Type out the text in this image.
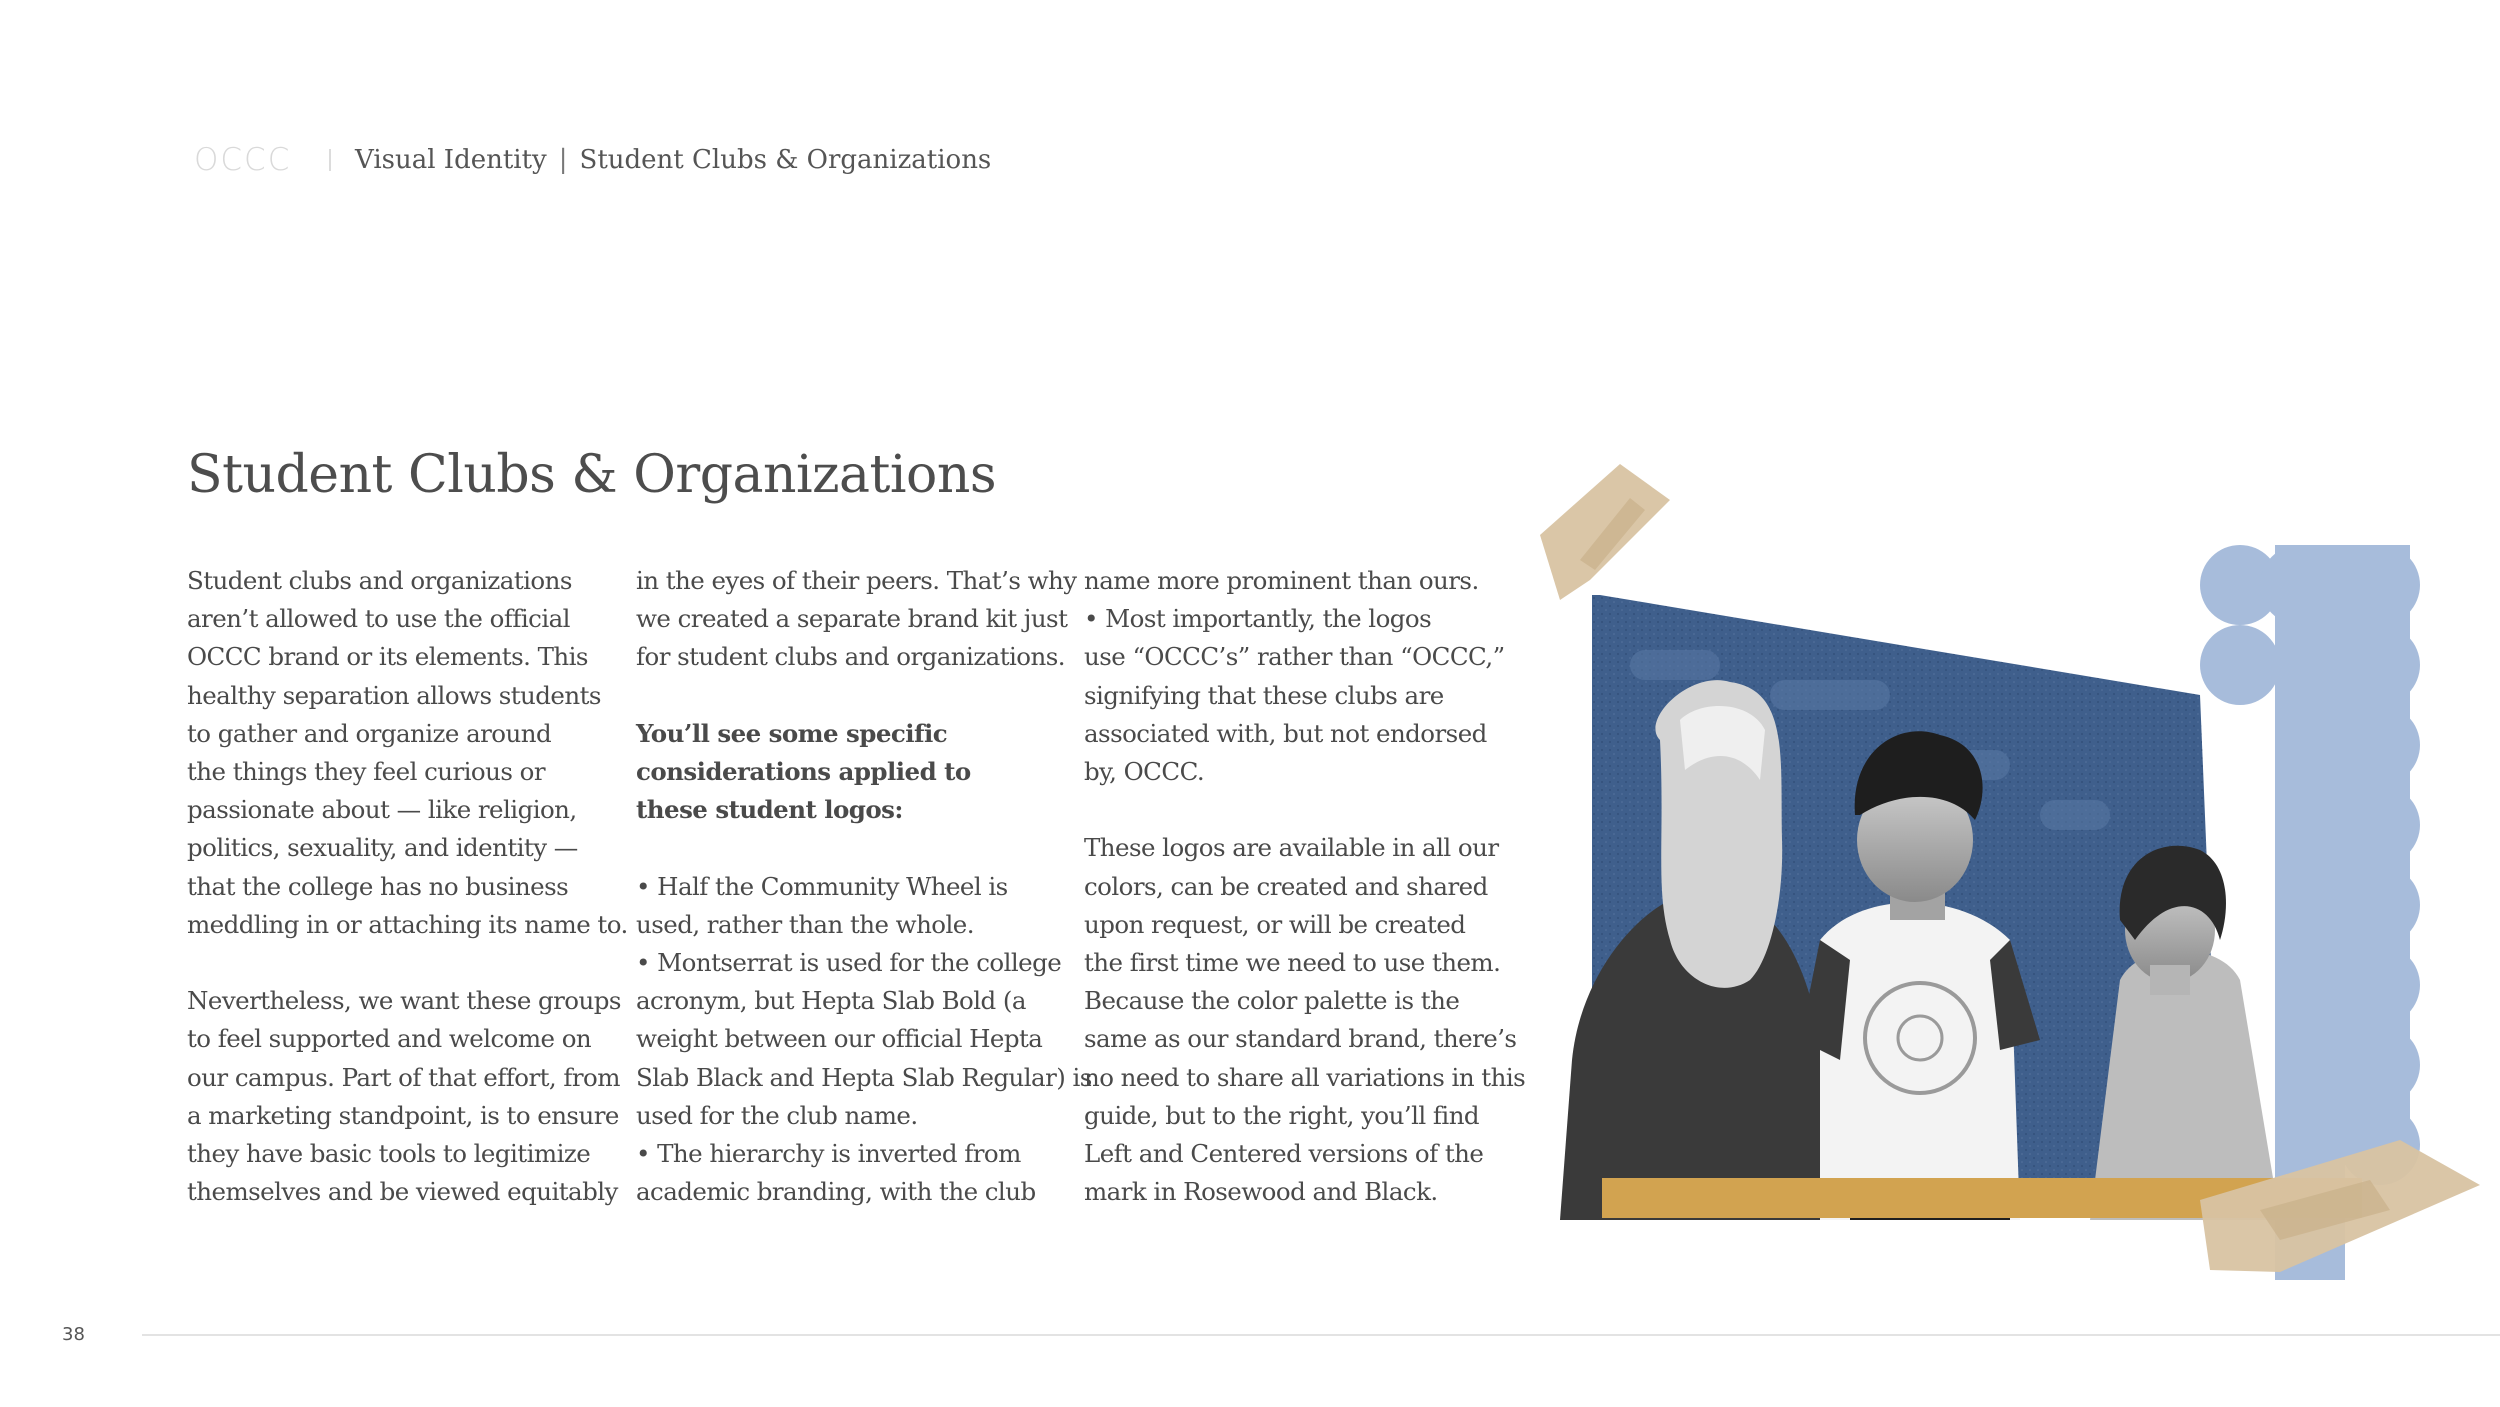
OCCC	Visual Identity | Student Clubs & Organizations
Student Clubs & Organizations

Student clubs and organizations

aren’t allowed to use the official

OCCC brand or its elements. This

healthy separation allows students

to gather and organize around

the things they feel curious or

passionate about — like religion,

politics, sexuality, and identity —

that the college has no business

meddling in or attaching its name to.

Nevertheless, we want these groups

to feel supported and welcome on

our campus. Part of that effort, from

a marketing standpoint, is to ensure

they have basic tools to legitimize

themselves and be viewed equitably

in the eyes of their peers. That’s why

we created a separate brand kit just

for student clubs and organizations.

You’ll see some specific

considerations applied to

these student logos:

• Half the Community Wheel is

used, rather than the whole.

• Montserrat is used for the college

acronym, but Hepta Slab Bold (a

weight between our official Hepta

Slab Black and Hepta Slab Regular) is

used for the club name.

• The hierarchy is inverted from

academic branding, with the club

name more prominent than ours.

• Most importantly, the logos

use “OCCC’s” rather than “OCCC,”

signifying that these clubs are

associated with, but not endorsed

by, OCCC.

These logos are available in all our

colors, can be created and shared

upon request, or will be created

the first time we need to use them.

Because the color palette is the

same as our standard brand, there’s

no need to share all variations in this

guide, but to the right, you’ll find

Left and Centered versions of the

mark in Rosewood and Black.

38
